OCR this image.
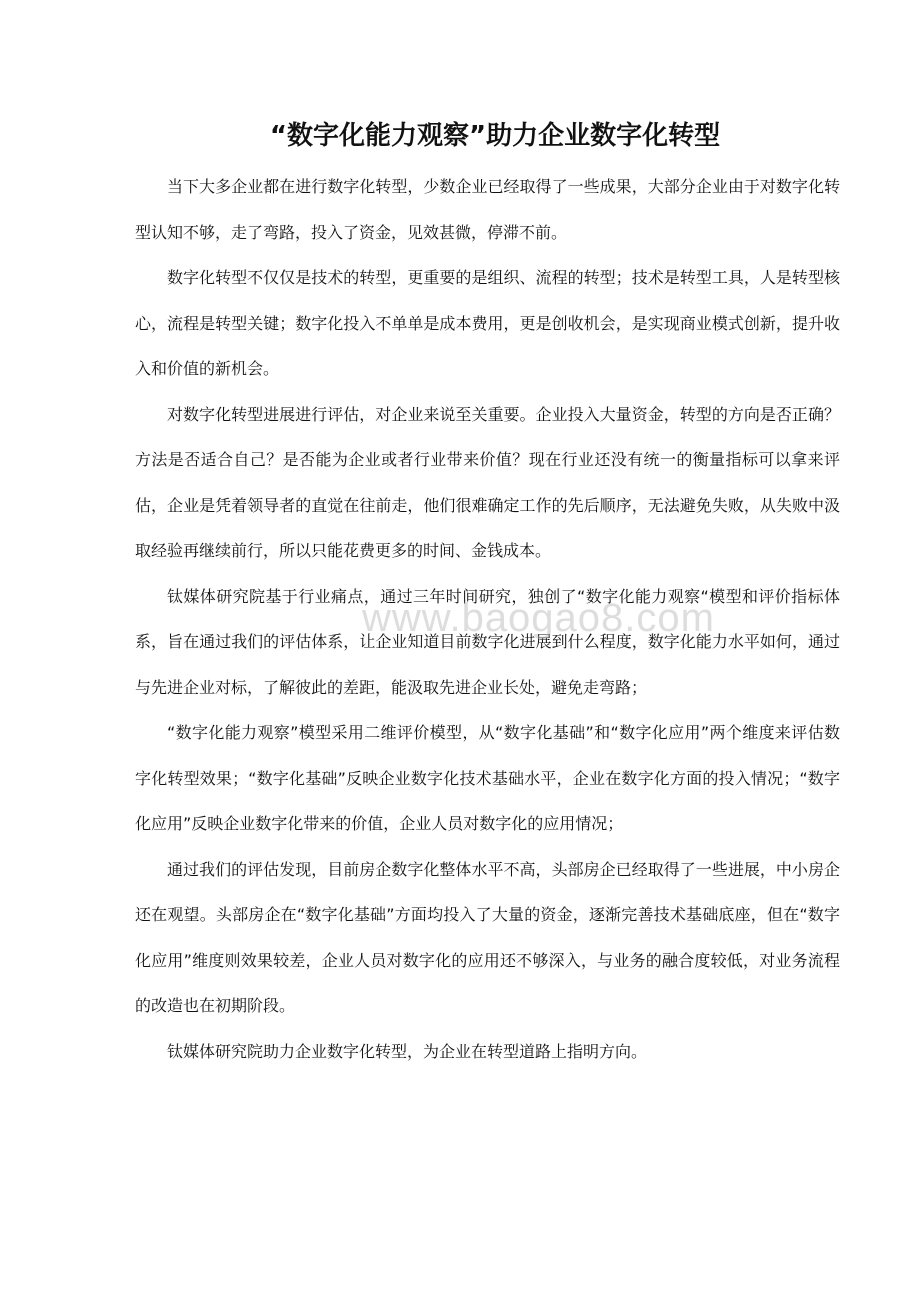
“数字化能力观察”助力企业数字化转型

当下大多企业都在进行数字化转型，少数企业已经取得了一些成果，大部分企业由于对数字化转型认知不够，走了弯路，投入了资金，见效甚微，停滞不前。

数字化转型不仅仅是技术的转型，更重要的是组织、流程的转型；技术是转型工具，人是转型核心，流程是转型关键；数字化投入不单单是成本费用，更是创收机会，是实现商业模式创新，提升收入和价值的新机会。

对数字化转型进展进行评估，对企业来说至关重要。企业投入大量资金，转型的方向是否正确？方法是否适合自己？是否能为企业或者行业带来价值？现在行业还没有统一的衡量指标可以拿来评估，企业是凭着领导者的直觉在往前走，他们很难确定工作的先后顺序，无法避免失败，从失败中汲取经验再继续前行，所以只能花费更多的时间、金钱成本。

钛媒体研究院基于行业痛点，通过三年时间研究，独创了“数字化能力观察“模型和评价指标体系，旨在通过我们的评估体系，让企业知道目前数字化进展到什么程度，数字化能力水平如何，通过与先进企业对标，了解彼此的差距，能汲取先进企业长处，避免走弯路；

“数字化能力观察”模型采用二维评价模型，从“数字化基础”和“数字化应用”两个维度来评估数字化转型效果；“数字化基础”反映企业数字化技术基础水平，企业在数字化方面的投入情况；“数字化应用”反映企业数字化带来的价值，企业人员对数字化的应用情况；

通过我们的评估发现，目前房企数字化整体水平不高，头部房企已经取得了一些进展，中小房企还在观望。头部房企在“数字化基础”方面均投入了大量的资金，逐渐完善技术基础底座，但在“数字化应用”维度则效果较差，企业人员对数字化的应用还不够深入，与业务的融合度较低，对业务流程的改造也在初期阶段。

钛媒体研究院助力企业数字化转型，为企业在转型道路上指明方向。

www.baogao8.com
